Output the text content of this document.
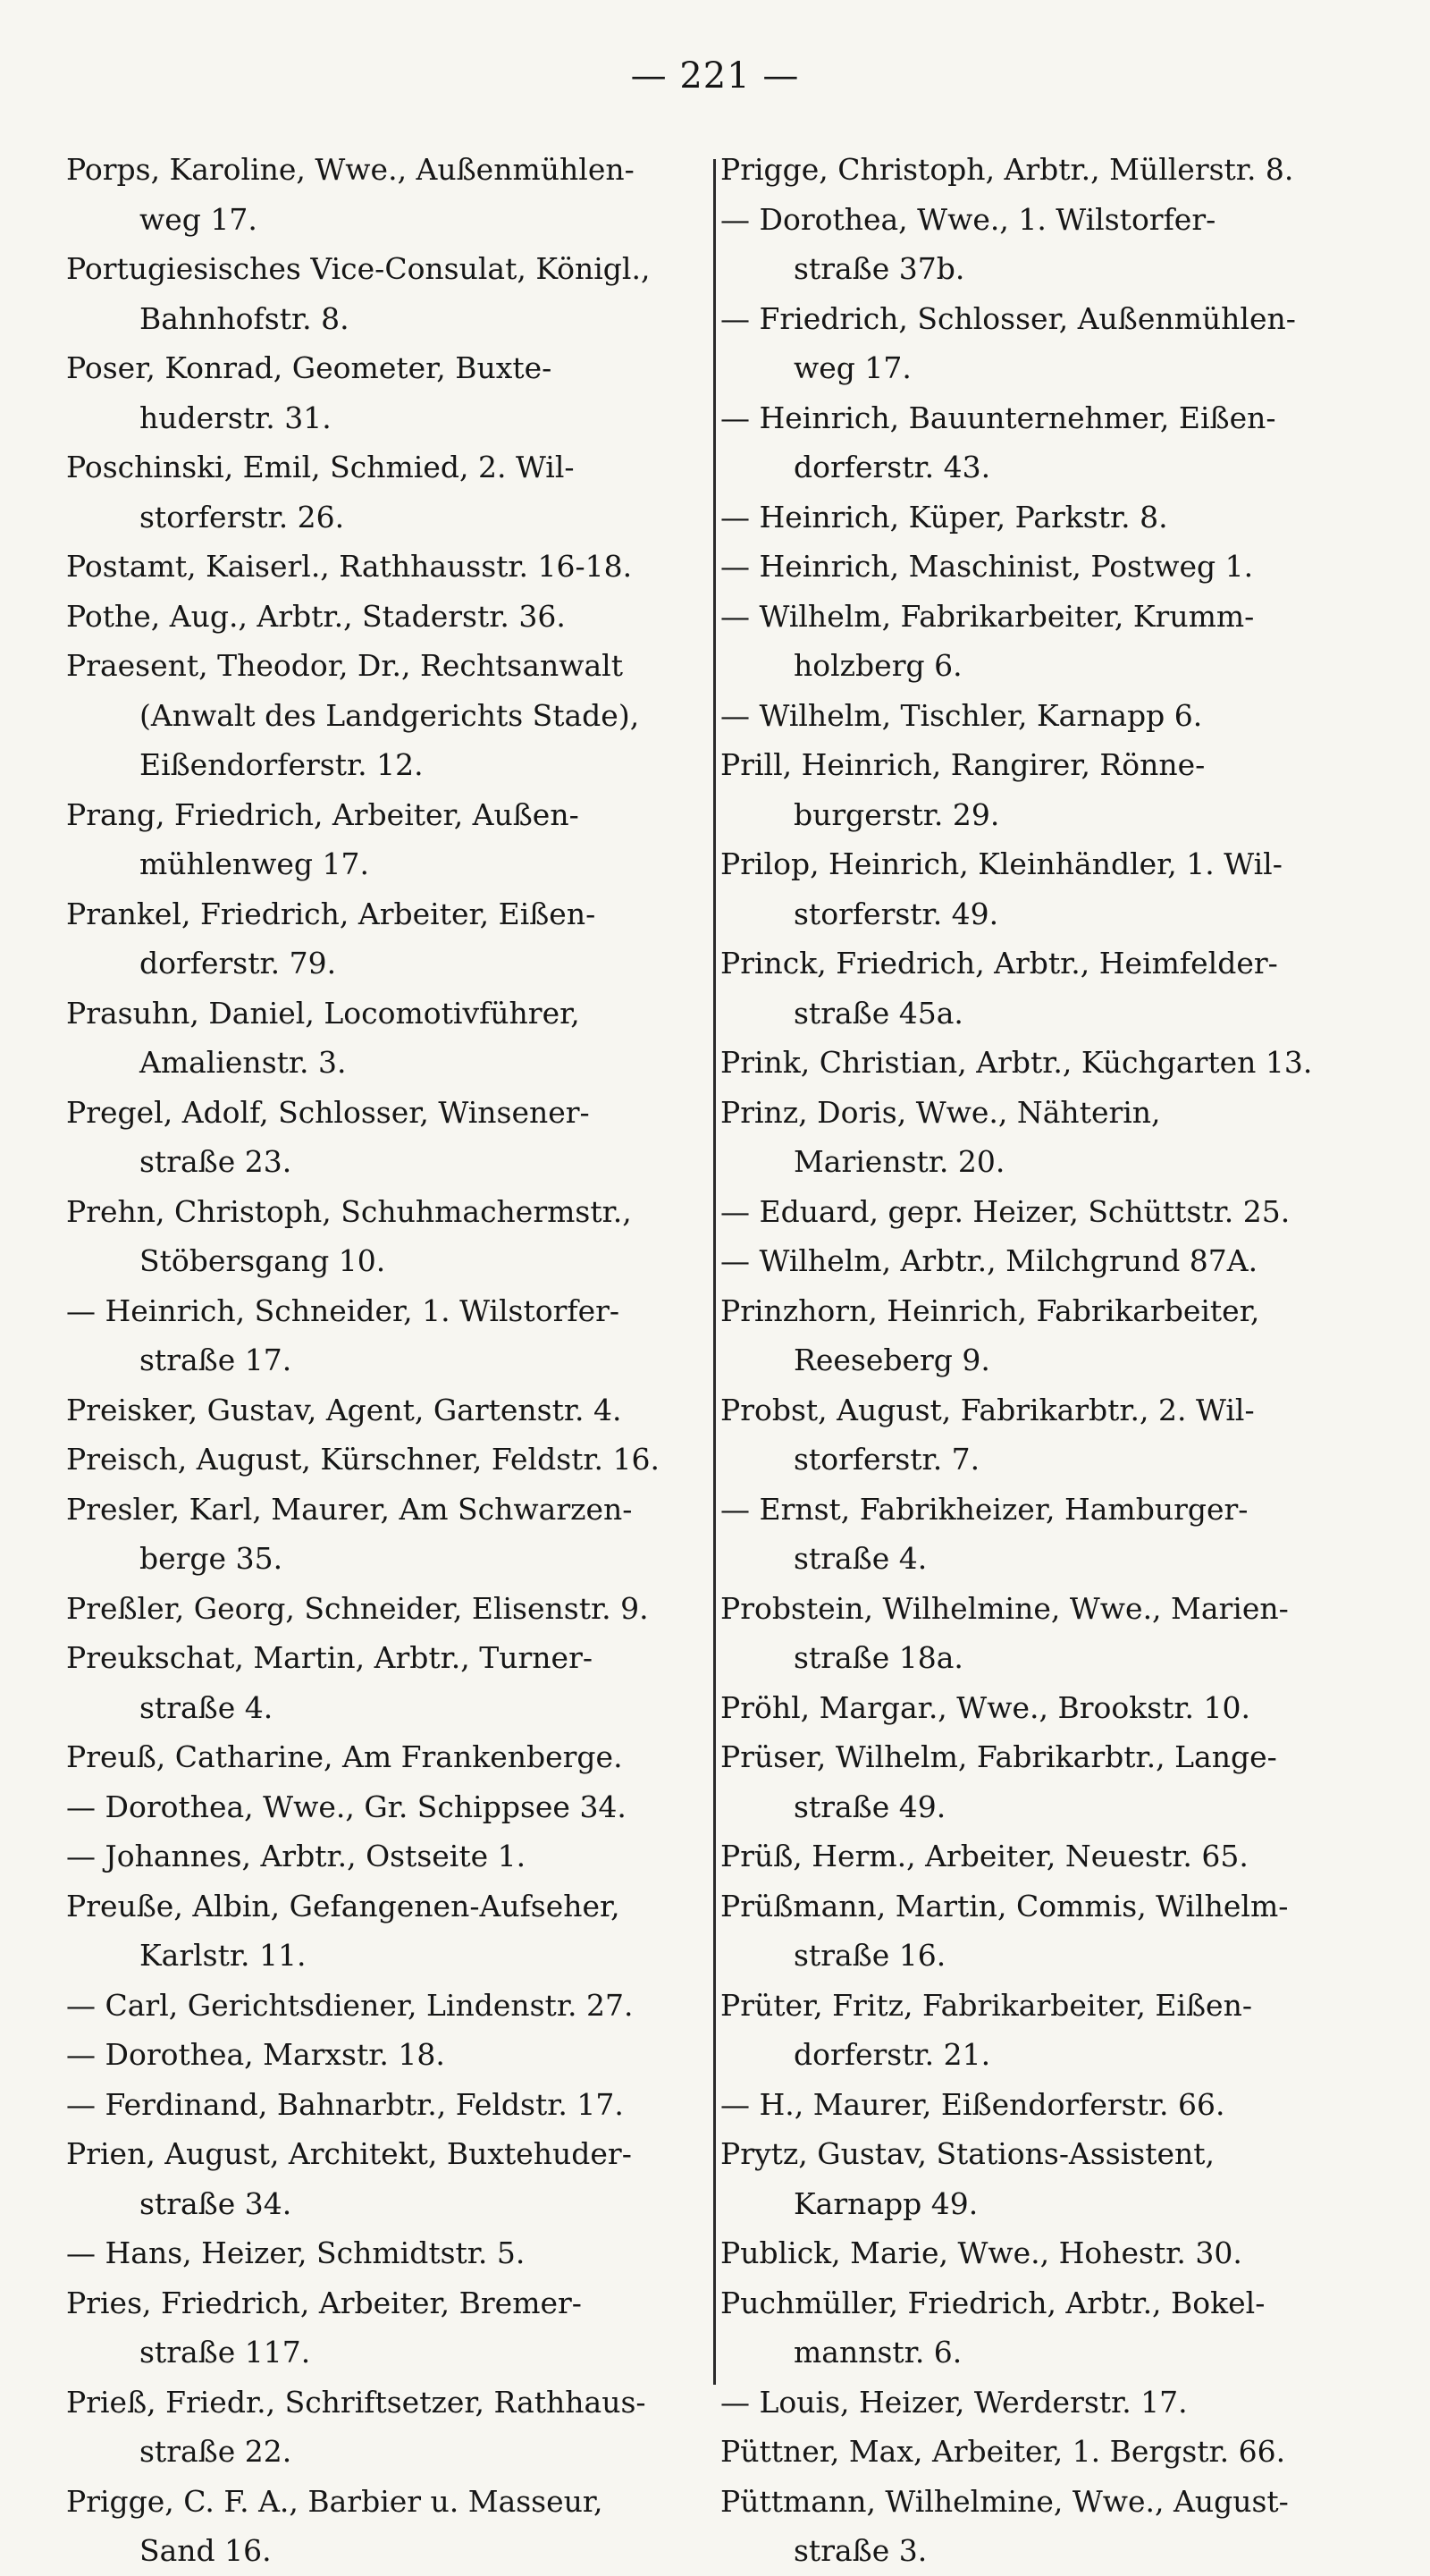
— 221 —
Porps, Karoline, Wwe., Außenmühlen-
weg 17.
Portugiesisches Vice-Consulat, Königl.,
Bahnhofstr. 8.
Poser, Konrad, Geometer, Buxte-
huderstr. 31.
Poschinski, Emil, Schmied, 2. Wil-
storferstr. 26.
Postamt, Kaiserl., Rathhausstr. 16-18.
Pothe, Aug., Arbtr., Staderstr. 36.
Praesent, Theodor, Dr., Rechtsanwalt
(Anwalt des Landgerichts Stade),
Eißendorferstr. 12.
Prang, Friedrich, Arbeiter, Außen-
mühlenweg 17.
Prankel, Friedrich, Arbeiter, Eißen-
dorferstr. 79.
Prasuhn, Daniel, Locomotivführer,
Amalienstr. 3.
Pregel, Adolf, Schlosser, Winsener-
straße 23.
Prehn, Christoph, Schuhmachermstr.,
Stöbersgang 10.
— Heinrich, Schneider, 1. Wilstorfer-
straße 17.
Preisker, Gustav, Agent, Gartenstr. 4.
Preisch, August, Kürschner, Feldstr. 16.
Presler, Karl, Maurer, Am Schwarzen-
berge 35.
Preßler, Georg, Schneider, Elisenstr. 9.
Preukschat, Martin, Arbtr., Turner-
straße 4.
Preuß, Catharine, Am Frankenberge.
— Dorothea, Wwe., Gr. Schippsee 34.
— Johannes, Arbtr., Ostseite 1.
Preuße, Albin, Gefangenen-Aufseher,
Karlstr. 11.
— Carl, Gerichtsdiener, Lindenstr. 27.
— Dorothea, Marxstr. 18.
— Ferdinand, Bahnarbtr., Feldstr. 17.
Prien, August, Architekt, Buxtehuder-
straße 34.
— Hans, Heizer, Schmidtstr. 5.
Pries, Friedrich, Arbeiter, Bremer-
straße 117.
Prieß, Friedr., Schriftsetzer, Rathhaus-
straße 22.
Prigge, C. F. A., Barbier u. Masseur,
Sand 16.
Prigge, Christoph, Arbtr., Müllerstr. 8.
— Dorothea, Wwe., 1. Wilstorfer-
straße 37b.
— Friedrich, Schlosser, Außenmühlen-
weg 17.
— Heinrich, Bauunternehmer, Eißen-
dorferstr. 43.
— Heinrich, Küper, Parkstr. 8.
— Heinrich, Maschinist, Postweg 1.
— Wilhelm, Fabrikarbeiter, Krumm-
holzberg 6.
— Wilhelm, Tischler, Karnapp 6.
Prill, Heinrich, Rangirer, Rönne-
burgerstr. 29.
Prilop, Heinrich, Kleinhändler, 1. Wil-
storferstr. 49.
Princk, Friedrich, Arbtr., Heimfelder-
straße 45a.
Prink, Christian, Arbtr., Küchgarten 13.
Prinz, Doris, Wwe., Nähterin,
Marienstr. 20.
— Eduard, gepr. Heizer, Schüttstr. 25.
— Wilhelm, Arbtr., Milchgrund 87A.
Prinzhorn, Heinrich, Fabrikarbeiter,
Reeseberg 9.
Probst, August, Fabrikarbtr., 2. Wil-
storferstr. 7.
— Ernst, Fabrikheizer, Hamburger-
straße 4.
Probstein, Wilhelmine, Wwe., Marien-
straße 18a.
Pröhl, Margar., Wwe., Brookstr. 10.
Prüser, Wilhelm, Fabrikarbtr., Lange-
straße 49.
Prüß, Herm., Arbeiter, Neuestr. 65.
Prüßmann, Martin, Commis, Wilhelm-
straße 16.
Prüter, Fritz, Fabrikarbeiter, Eißen-
dorferstr. 21.
— H., Maurer, Eißendorferstr. 66.
Prytz, Gustav, Stations-Assistent,
Karnapp 49.
Publick, Marie, Wwe., Hohestr. 30.
Puchmüller, Friedrich, Arbtr., Bokel-
mannstr. 6.
— Louis, Heizer, Werderstr. 17.
Püttner, Max, Arbeiter, 1. Bergstr. 66.
Püttmann, Wilhelmine, Wwe., August-
straße 3.
